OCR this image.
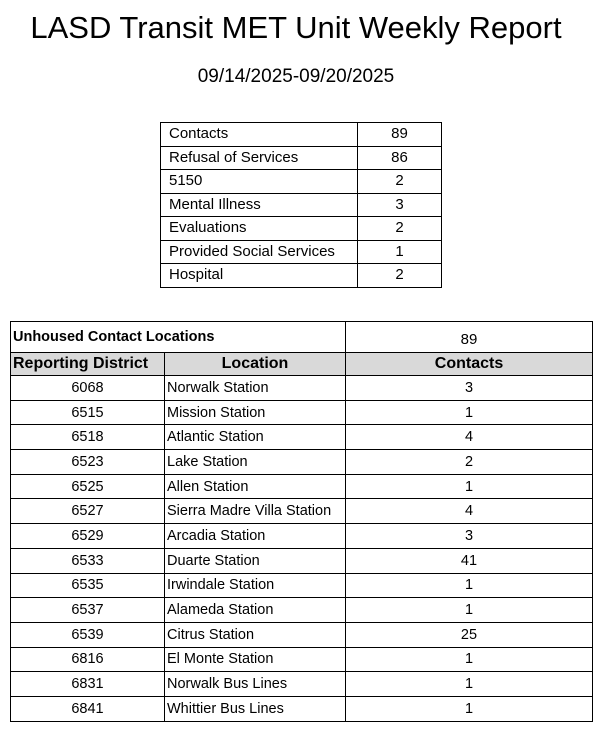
LASD Transit MET Unit Weekly Report
09/14/2025-09/20/2025
Contacts	89
Refusal of Services	86
5150	2
Mental Illness	3
Evaluations	2
Provided Social Services	1
Hospital	2
Unhoused Contact Locations		89
Reporting District	Location	Contacts
6068	Norwalk Station	3
6515	Mission Station	1
6518	Atlantic Station	4
6523	Lake Station	2
6525	Allen Station	1
6527	Sierra Madre Villa Station	4
6529	Arcadia Station	3
6533	Duarte Station	41
6535	Irwindale Station	1
6537	Alameda Station	1
6539	Citrus Station	25
6816	El Monte Station	1
6831	Norwalk Bus Lines	1
6841	Whittier Bus Lines	1
